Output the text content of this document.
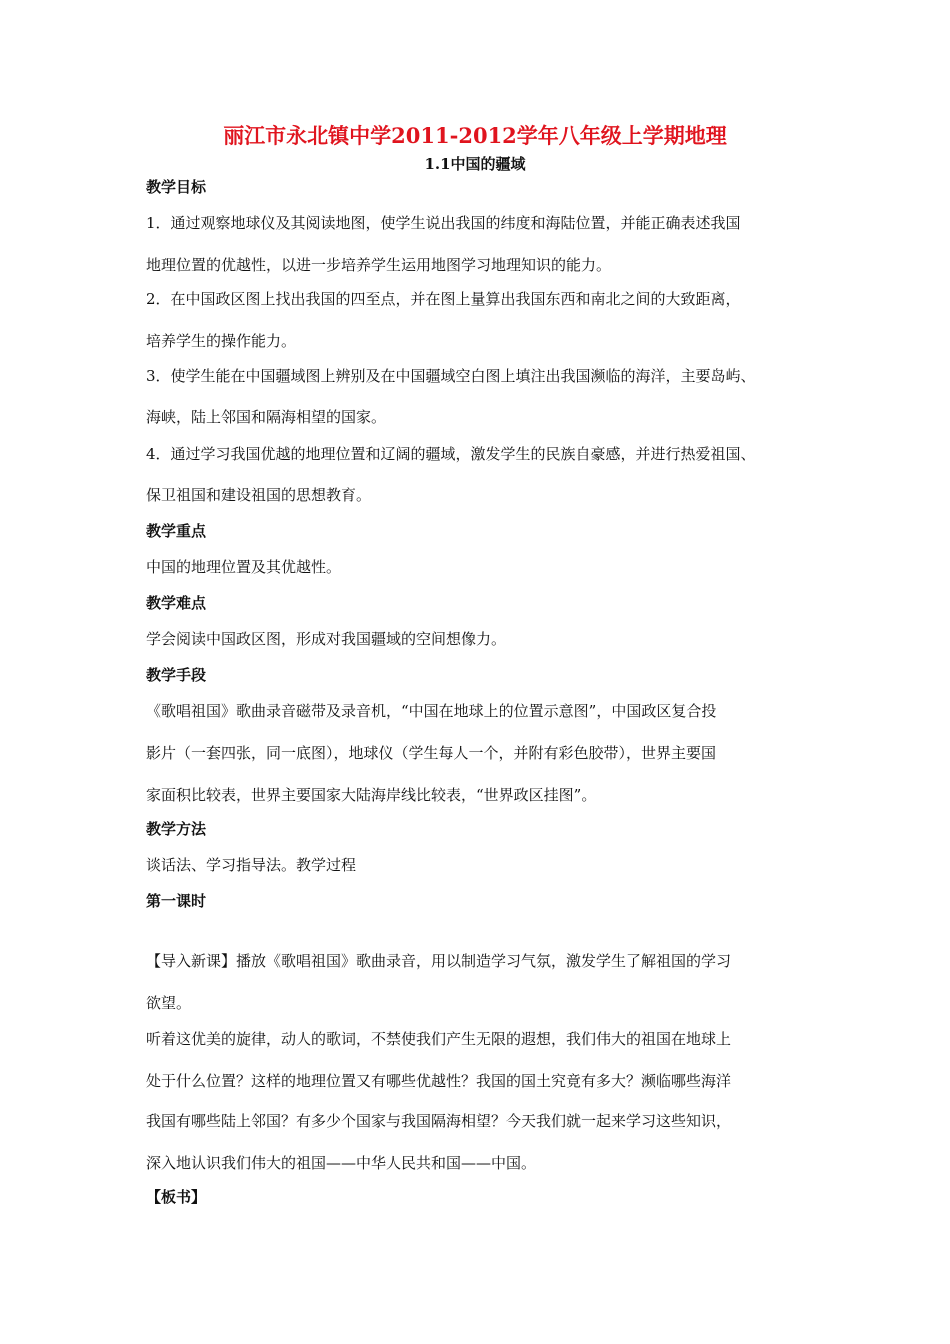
丽江市永北镇中学2011-2012学年八年级上学期地理
1.1中国的疆域
教学目标
1．通过观察地球仪及其阅读地图，使学生说出我国的纬度和海陆位置，并能正确表述我国
地理位置的优越性，以进一步培养学生运用地图学习地理知识的能力。
2．在中国政区图上找出我国的四至点，并在图上量算出我国东西和南北之间的大致距离，
培养学生的操作能力。
3．使学生能在中国疆域图上辨别及在中国疆域空白图上填注出我国濒临的海洋，主要岛屿、
海峡，陆上邻国和隔海相望的国家。
4．通过学习我国优越的地理位置和辽阔的疆域，激发学生的民族自豪感，并进行热爱祖国、
保卫祖国和建设祖国的思想教育。
教学重点
中国的地理位置及其优越性。
教学难点
学会阅读中国政区图，形成对我国疆域的空间想像力。
教学手段
《歌唱祖国》歌曲录音磁带及录音机，“中国在地球上的位置示意图”，中国政区复合投
影片（一套四张，同一底图），地球仪（学生每人一个，并附有彩色胶带），世界主要国
家面积比较表，世界主要国家大陆海岸线比较表，“世界政区挂图”。
教学方法
谈话法、学习指导法。教学过程
第一课时
【导入新课】播放《歌唱祖国》歌曲录音，用以制造学习气氛，激发学生了解祖国的学习
欲望。
听着这优美的旋律，动人的歌词，不禁使我们产生无限的遐想，我们伟大的祖国在地球上
处于什么位置？这样的地理位置又有哪些优越性？我国的国土究竟有多大？濒临哪些海洋
我国有哪些陆上邻国？有多少个国家与我国隔海相望？今天我们就一起来学习这些知识，
深入地认识我们伟大的祖国——中华人民共和国——中国。
【板书】
